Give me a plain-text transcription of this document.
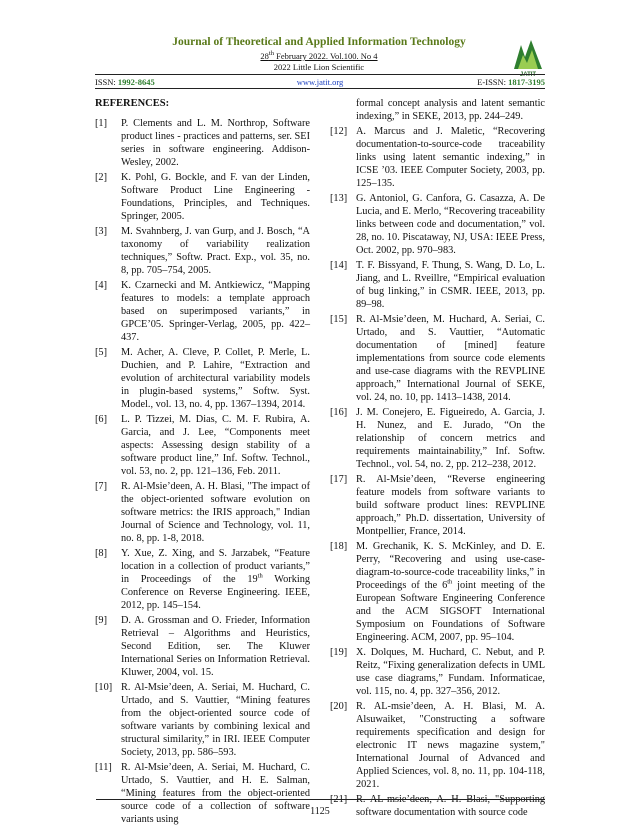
Journal of Theoretical and Applied Information Technology
28th February 2022. Vol.100. No 4
2022 Little Lion Scientific
JATIT
ISSN: 1992-8645	www.jatit.org	E-ISSN: 1817-3195
REFERENCES:
[1]	P. Clements and L. M. Northrop, Software product lines - practices and patterns, ser. SEI series in software engineering. Addison-Wesley, 2002.
[2]	K. Pohl, G. Bockle, and F. van der Linden, Software Product Line Engineering - Foundations, Principles, and Techniques. Springer, 2005.
[3]	M. Svahnberg, J. van Gurp, and J. Bosch, “A taxonomy of variability realization techniques,” Softw. Pract. Exp., vol. 35, no. 8, pp. 705–754, 2005.
[4]	K. Czarnecki and M. Antkiewicz, “Mapping features to models: a template approach based on superimposed variants,” in GPCE’05. Springer-Verlag, 2005, pp. 422–437.
[5]	M. Acher, A. Cleve, P. Collet, P. Merle, L. Duchien, and P. Lahire, “Extraction and evolution of architectural variability models in plugin-based systems,” Softw. Syst. Model., vol. 13, no. 4, pp. 1367–1394, 2014.
[6]	L. P. Tizzei, M. Dias, C. M. F. Rubira, A. Garcia, and J. Lee, “Components meet aspects: Assessing design stability of a software product line,” Inf. Softw. Technol., vol. 53, no. 2, pp. 121–136, Feb. 2011.
[7]	R. Al-Msie’deen, A. H. Blasi, "The impact of the object-oriented software evolution on software metrics: the IRIS approach," Indian Journal of Science and Technology, vol. 11, no. 8, pp. 1-8, 2018.
[8]	Y. Xue, Z. Xing, and S. Jarzabek, “Feature location in a collection of product variants,” in Proceedings of the 19th Working Conference on Reverse Engineering. IEEE, 2012, pp. 145–154.
[9]	D. A. Grossman and O. Frieder, Information Retrieval – Algorithms and Heuristics, Second Edition, ser. The Kluwer International Series on Information Retrieval. Kluwer, 2004, vol. 15.
[10] R. Al-Msie’deen, A. Seriai, M. Huchard, C. Urtado, and S. Vauttier, “Mining features from the object-oriented source code of software variants by combining lexical and structural similarity,” in IRI. IEEE Computer Society, 2013, pp. 586–593.
[11] R. Al-Msie’deen, A. Seriai, M. Huchard, C. Urtado, S. Vauttier, and H. E. Salman, “Mining features from the object-oriented source code of a collection of software variants using
formal concept analysis and latent semantic indexing,” in SEKE, 2013, pp. 244–249.
[12] A. Marcus and J. Maletic, “Recovering documentation-to-source-code traceability links using latent semantic indexing,” in ICSE ’03. IEEE Computer Society, 2003, pp. 125–135.
[13] G. Antoniol, G. Canfora, G. Casazza, A. De Lucia, and E. Merlo, “Recovering traceability links between code and documentation,” vol. 28, no. 10. Piscataway, NJ, USA: IEEE Press, Oct. 2002, pp. 970–983.
[14] T. F. Bissyand, F. Thung, S. Wang, D. Lo, L. Jiang, and L. Rveillre, “Empirical evaluation of bug linking,” in CSMR. IEEE, 2013, pp. 89–98.
[15] R. Al-Msie’deen, M. Huchard, A. Seriai, C. Urtado, and S. Vauttier, “Automatic documentation of [mined] feature implementations from source code elements and use-case diagrams with the REVPLINE approach,” International Journal of SEKE, vol. 24, no. 10, pp. 1413–1438, 2014.
[16] J. M. Conejero, E. Figueiredo, A. Garcia, J. H. Nunez, and E. Jurado, “On the relationship of concern metrics and requirements maintainability,” Inf. Softw. Technol., vol. 54, no. 2, pp. 212–238, 2012.
[17] R. Al-Msie’deen, “Reverse engineering feature models from software variants to build software product lines: REVPLINE approach,” Ph.D. dissertation, University of Montpellier, France, 2014.
[18] M. Grechanik, K. S. McKinley, and D. E. Perry, “Recovering and using use-case-diagram-to-source-code traceability links,” in Proceedings of the 6th joint meeting of the European Software Engineering Conference and the ACM SIGSOFT International Symposium on Foundations of Software Engineering. ACM, 2007, pp. 95–104.
[19] X. Dolques, M. Huchard, C. Nebut, and P. Reitz, “Fixing generalization defects in UML use case diagrams,” Fundam. Informaticae, vol. 115, no. 4, pp. 327–356, 2012.
[20] R. AL-msie’deen, A. H. Blasi, M. A. Alsuwaiket, "Constructing a software requirements specification and design for electronic IT news magazine system," International Journal of Advanced and Applied Sciences, vol. 8, no. 11, pp. 104-118, 2021.
[21] R. AL-msie’deen, A. H. Blasi, "Supporting software documentation with source code
1125
